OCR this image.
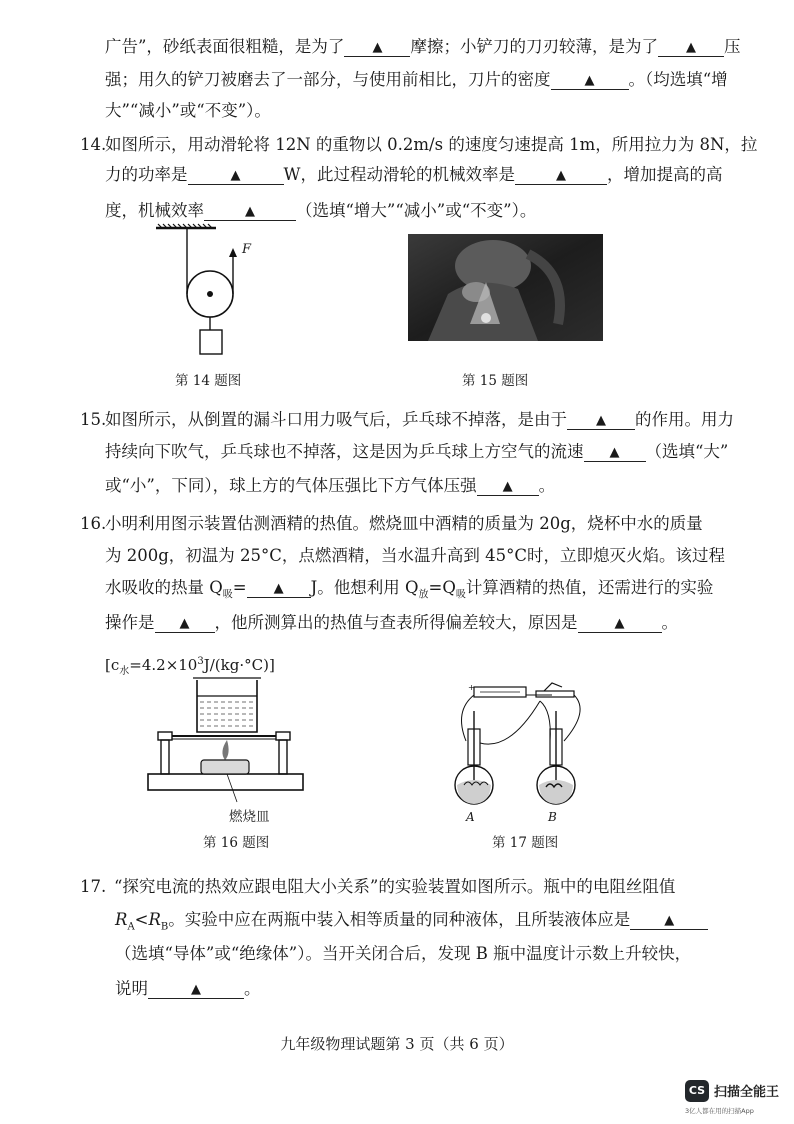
广告”，砂纸表面很粗糙，是为了 ▲ 摩擦；小铲刀的刀刃较薄，是为了 ▲ 压
强；用久的铲刀被磨去了一部分，与使用前相比，刀片的密度	▲ 。（均选填“增
大”“减小”或“不变”）。
14.如图所示，用动滑轮将 12N 的重物以 0.2m/s 的速度匀速提高 1m，所用拉力为 8N，拉
力的功率是	▲	W，此过程动滑轮的机械效率是	▲ ，增加提高的高
度，机械效率	▲ （选填“增大”“减小”或“不变”）。
F
第 14 题图	第 15 题图
15.如图所示，从倒置的漏斗口用力吸气后，乒乓球不掉落，是由于 ▲ 的作用。用力
持续向下吹气，乒乓球也不掉落，这是因为乒乓球上方空气的流速 ▲ （选填“大”
或“小”，下同），球上方的气体压强比下方气体压强 ▲ 。
16.小明利用图示装置估测酒精的热值。燃烧皿中酒精的质量为 20g，烧杯中水的质量
为 200g，初温为 25°C，点燃酒精，当水温升高到 45°C时，立即熄灭火焰。该过程
水吸收的热量 $Q_吸=$ ▲ J。他想利用 $Q_放=Q_吸$计算酒精的热值，还需进行的实验
操作是 ▲ ，他所测算出的热值与查表所得偏差较大，原因是	▲ 。
$[c_水=4.2\times 10^3J/(kg\cdot^\circ C)]$
燃烧皿
第 16 题图
+
A	B
第 17 题图
17. “探究电流的热效应跟电阻大小关系”的实验装置如图所示。瓶中的电阻丝阻值
$R_A<R_B$。实验中应在两瓶中装入相等质量的同种液体，且所装液体应是	▲
（选填“导体”或“绝缘体”）。当开关闭合后，发现 B 瓶中温度计示数上升较快，
说明	▲	。
九年级物理试题第 3 页（共 6 页）
CS 扫描全能王
3亿人都在用的扫描App
